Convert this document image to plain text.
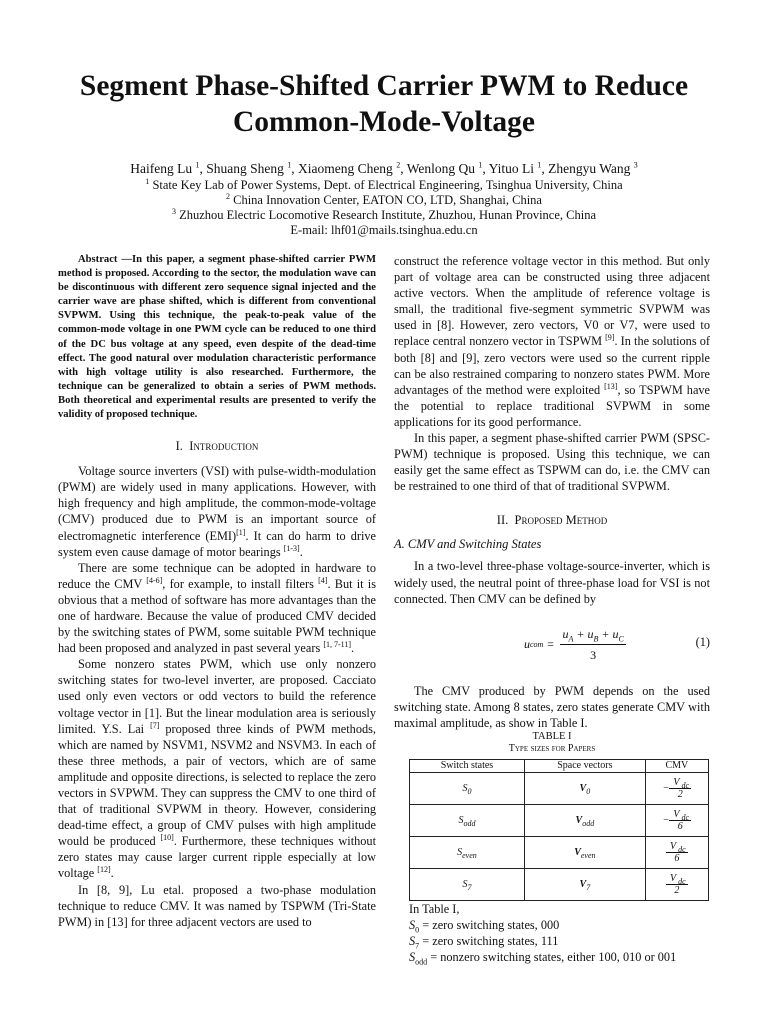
Segment Phase-Shifted Carrier PWM to Reduce
Common-Mode-Voltage
Haifeng Lu $^1$, Shuang Sheng $^1$, Xiaomeng Cheng $^2$, Wenlong Qu $^1$, Yituo Li $^1$, Zhengyu Wang $^3$
$^1$ State Key Lab of Power Systems, Dept. of Electrical Engineering, Tsinghua University, China
$^2$ China Innovation Center, EATON CO, LTD, Shanghai, China
$^3$ Zhuzhou Electric Locomotive Research Institute, Zhuzhou, Hunan Province, China
E-mail: lhf01@mails.tsinghua.edu.cn

Abstract —In this paper, a segment phase-shifted carrier PWM method is proposed. According to the sector, the modulation wave can be discontinuous with different zero sequence signal injected and the carrier wave are phase shifted, which is different from conventional SVPWM. Using this technique, the peak-to-peak value of the common-mode voltage in one PWM cycle can be reduced to one third of the DC bus voltage at any speed, even despite of the dead-time effect. The good natural over modulation characteristic performance with high voltage utility is also researched. Furthermore, the technique can be generalized to obtain a series of PWM methods. Both theoretical and experimental results are presented to verify the validity of proposed technique.

I. Introduction

Voltage source inverters (VSI) with pulse-width-modulation (PWM) are widely used in many applications. However, with high frequency and high amplitude, the common-mode-voltage (CMV) produced due to PWM is an important source of electromagnetic interference (EMI)[1]. It can do harm to drive system even cause damage of motor bearings [1-3].

There are some technique can be adopted in hardware to reduce the CMV [4-6], for example, to install filters [4]. But it is obvious that a method of software has more advantages than the one of hardware. Because the value of produced CMV decided by the switching states of PWM, some suitable PWM technique had been proposed and analyzed in past several years [1, 7-11].

Some nonzero states PWM, which use only nonzero switching states for two-level inverter, are proposed. Cacciato used only even vectors or odd vectors to build the reference voltage vector in [1]. But the linear modulation area is seriously limited. Y.S. Lai [7] proposed three kinds of PWM methods, which are named by NSVM1, NSVM2 and NSVM3. In each of these three methods, a pair of vectors, which are of same amplitude and opposite directions, is selected to replace the zero vectors in SVPWM. They can suppress the CMV to one third of that of traditional SVPWM in theory. However, considering dead-time effect, a group of CMV pulses with high amplitude would be produced [10]. Furthermore, these techniques without zero states may cause larger current ripple especially at low voltage [12].

In [8, 9], Lu etal. proposed a two-phase modulation technique to reduce CMV. It was named by TSPWM (Tri-State PWM) in [13] for three adjacent vectors are used to

construct the reference voltage vector in this method. But only part of voltage area can be constructed using three adjacent active vectors. When the amplitude of reference voltage is small, the traditional five-segment symmetric SVPWM was used in [8]. However, zero vectors, V0 or V7, were used to replace central nonzero vector in TSPWM [9]. In the solutions of both [8] and [9], zero vectors were used so the current ripple can be also restrained comparing to nonzero states PWM. More advantages of the method were exploited [13], so TSPWM have the potential to replace traditional SVPWM in some applications for its good performance.

In this paper, a segment phase-shifted carrier PWM (SPSC-PWM) technique is proposed. Using this technique, we can easily get the same effect as TSPWM can do, i.e. the CMV can be restrained to one third of that of traditional SVPWM.

II. Proposed Method
A. CMV and Switching States

In a two-level three-phase voltage-source-inverter, which is widely used, the neutral point of three-phase load for VSI is not connected. Then CMV can be defined by

u com = $\frac{u_A + u_B + u_C}{3}$	(1)

The CMV produced by PWM depends on the used switching state. Among 8 states, zero states generate CMV with maximal amplitude, as show in Table I.

TABLE I

Type sizes for Papers

Switch states	Space vectors	CMV
$S_0$	$V_0$	−
V $_{dc}$
2

$S_{odd}$	$V_{odd}$	−
V $_{dc}$
6

$S_{even}$	$V_{even}$	V $_{dc}$
6

$S_7$	$V_7$	V $_{dc}$
2
In Table I,
$S_0$ = zero switching states, 000
$S_7$ = zero switching states, 111
$S_{odd}$ = nonzero switching states, either 100, 010 or 001
